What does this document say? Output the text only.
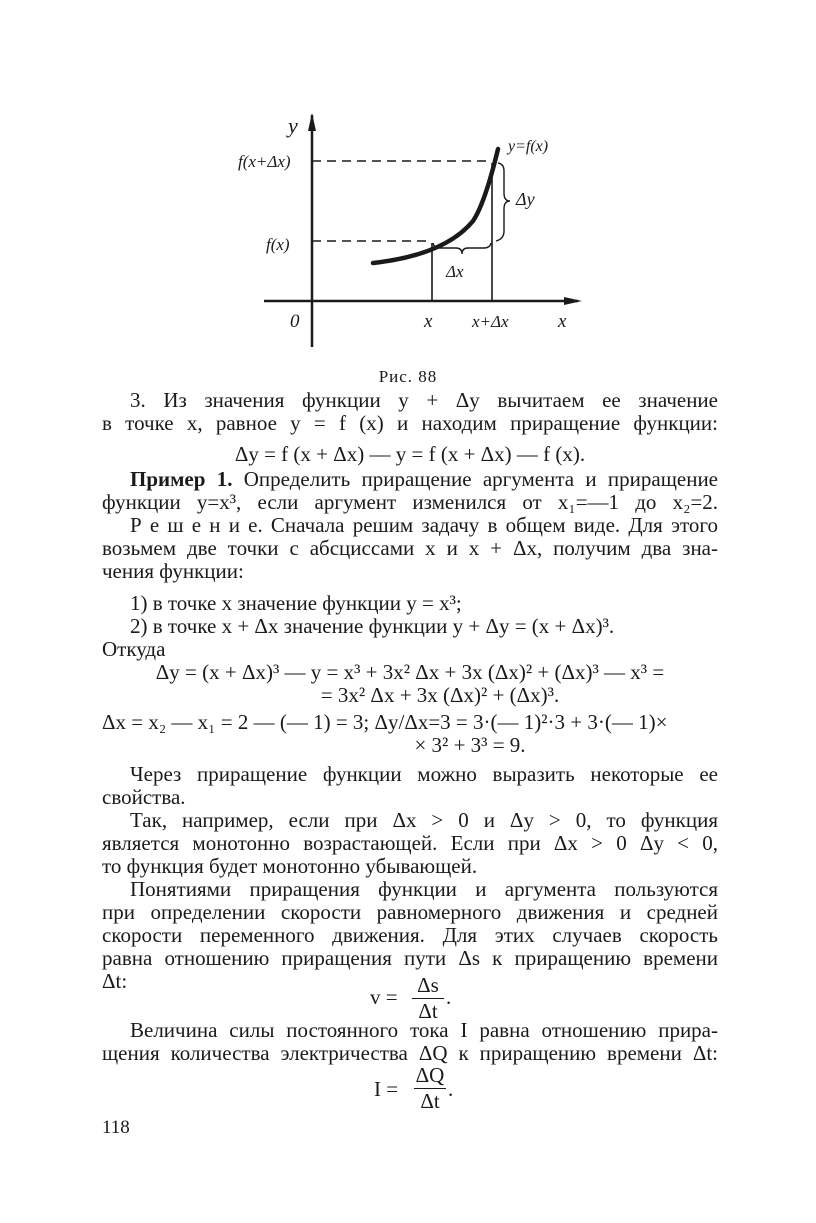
y
f(x+Δx)
f(x)
y=f(x)
Δy
Δx
0	x x+Δx	x
Рис. 88
3. Из значения функции y + Δy вычитаем ее значение
в точке x, равное y = f (x) и находим приращение функции:
Δy = f (x + Δx) — y = f (x + Δx) — f (x).
Пример 1. Определить приращение аргумента и приращение
функции y=x³, если аргумент изменился от x₁=—1 до x₂=2.
Р е ш е н и е. Сначала решим задачу в общем виде. Для этого
возьмем две точки с абсциссами x и x + Δx, получим два зна-
чения функции:
1) в точке x значение функции y = x³;
2) в точке x + Δx значение функции y + Δy = (x + Δx)³.
Откуда
Δy = (x + Δx)³ — y = x³ + 3x² Δx + 3x (Δx)² + (Δx)³ — x³ =
= 3x² Δx + 3x (Δx)² + (Δx)³.
Δx = x₂ — x₁ = 2 — (— 1) = 3; Δy/Δx=3 = 3·(— 1)²·3 + 3·(— 1)×
× 3² + 3³ = 9.
Через приращение функции можно выразить некоторые ее
свойства.
Так, например, если при Δx > 0 и Δy > 0, то функция
является монотонно возрастающей. Если при Δx > 0 Δy < 0,
то функция будет монотонно убывающей.
Понятиями приращения функции и аргумента пользуются
при определении скорости равномерного движения и средней
скорости переменного движения. Для этих случаев скорость
равна отношению приращения пути Δs к приращению времени
Δt:
v = Δs
Δt
.
Величина силы постоянного тока I равна отношению прира-
щения количества электричества ΔQ к приращению времени Δt:
I =
ΔQ
Δt .
118
